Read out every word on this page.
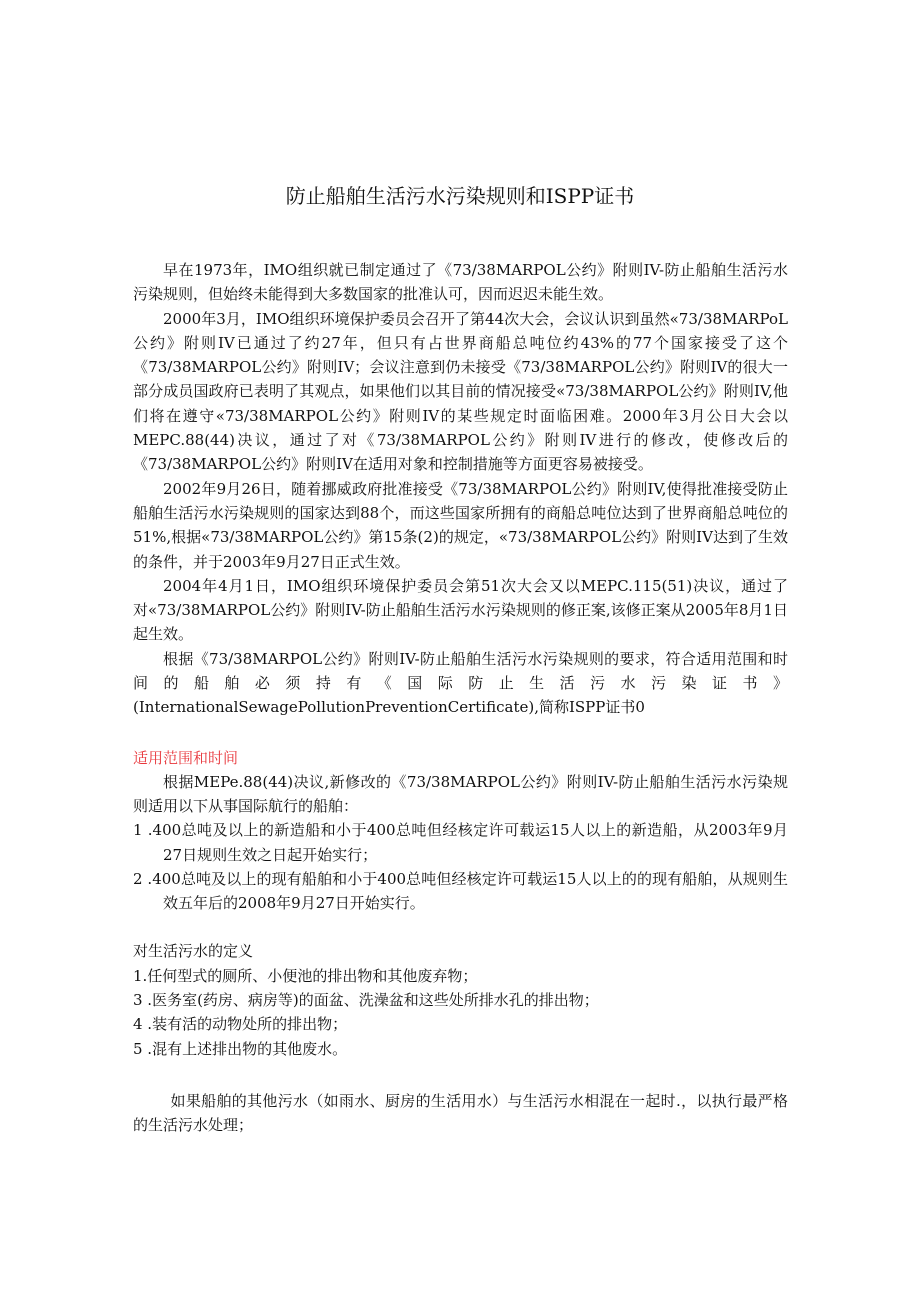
防止船舶生活污水污染规则和ISPP证书

早在1973年，IMO组织就已制定通过了《73/38MARPOL公约》附则IV-防止船舶生活污水污染规则，但始终未能得到大多数国家的批准认可，因而迟迟未能生效。

2000年3月，IMO组织环境保护委员会召开了第44次大会，会议认识到虽然«73/38MARPoL公约》附则IV已通过了约27年，但只有占世界商船总吨位约43%的77个国家接受了这个《73/38MARPOL公约》附则IV；会议注意到仍未接受《73/38MARPOL公约》附则IV的很大一部分成员国政府已表明了其观点，如果他们以其目前的情况接受«73/38MARPOL公约》附则IV,他们将在遵守«73/38MARPOL公约》附则IV的某些规定时面临困难。2000年3月公日大会以MEPC.88(44)决议，通过了对《73/38MARPOL公约》附则IV进行的修改，使修改后的《73/38MARPOL公约》附则IV在适用对象和控制措施等方面更容易被接受。

2002年9月26日，随着挪威政府批准接受《73/38MARPOL公约》附则IV,使得批准接受防止船舶生活污水污染规则的国家达到88个，而这些国家所拥有的商船总吨位达到了世界商船总吨位的51%,根据«73/38MARPOL公约》第15条(2)的规定，«73/38MARPOL公约》附则IV达到了生效的条件，并于2003年9月27日正式生效。

2004年4月1日，IMO组织环境保护委员会第51次大会又以MEPC.115(51)决议，通过了对«73/38MARPOL公约》附则IV-防止船舶生活污水污染规则的修正案,该修正案从2005年8月1日起生效。

根据《73/38MARPOL公约》附则IV-防止船舶生活污水污染规则的要求，符合适用范围和时间的船舶必须持有《国际防止生活污水污染证书》(InternationalSewagePollutionPreventionCertificate),简称ISPP证书0

适用范围和时间

根据MEPe.88(44)决议,新修改的《73/38MARPOL公约》附则IV-防止船舶生活污水污染规则适用以下从事国际航行的船舶：

1 .400总吨及以上的新造船和小于400总吨但经核定许可载运15人以上的新造船，从2003年9月27日规则生效之日起开始实行；

2 .400总吨及以上的现有船舶和小于400总吨但经核定许可载运15人以上的的现有船舶，从规则生效五年后的2008年9月27日开始实行。

对生活污水的定义

1.任何型式的厕所、小便池的排出物和其他废弃物；

3 .医务室(药房、病房等)的面盆、洗澡盆和这些处所排水孔的排出物；

4 .装有活的动物处所的排出物；

5 .混有上述排出物的其他废水。

如果船舶的其他污水（如雨水、厨房的生活用水）与生活污水相混在一起时.，以执行最严格的生活污水处理；
